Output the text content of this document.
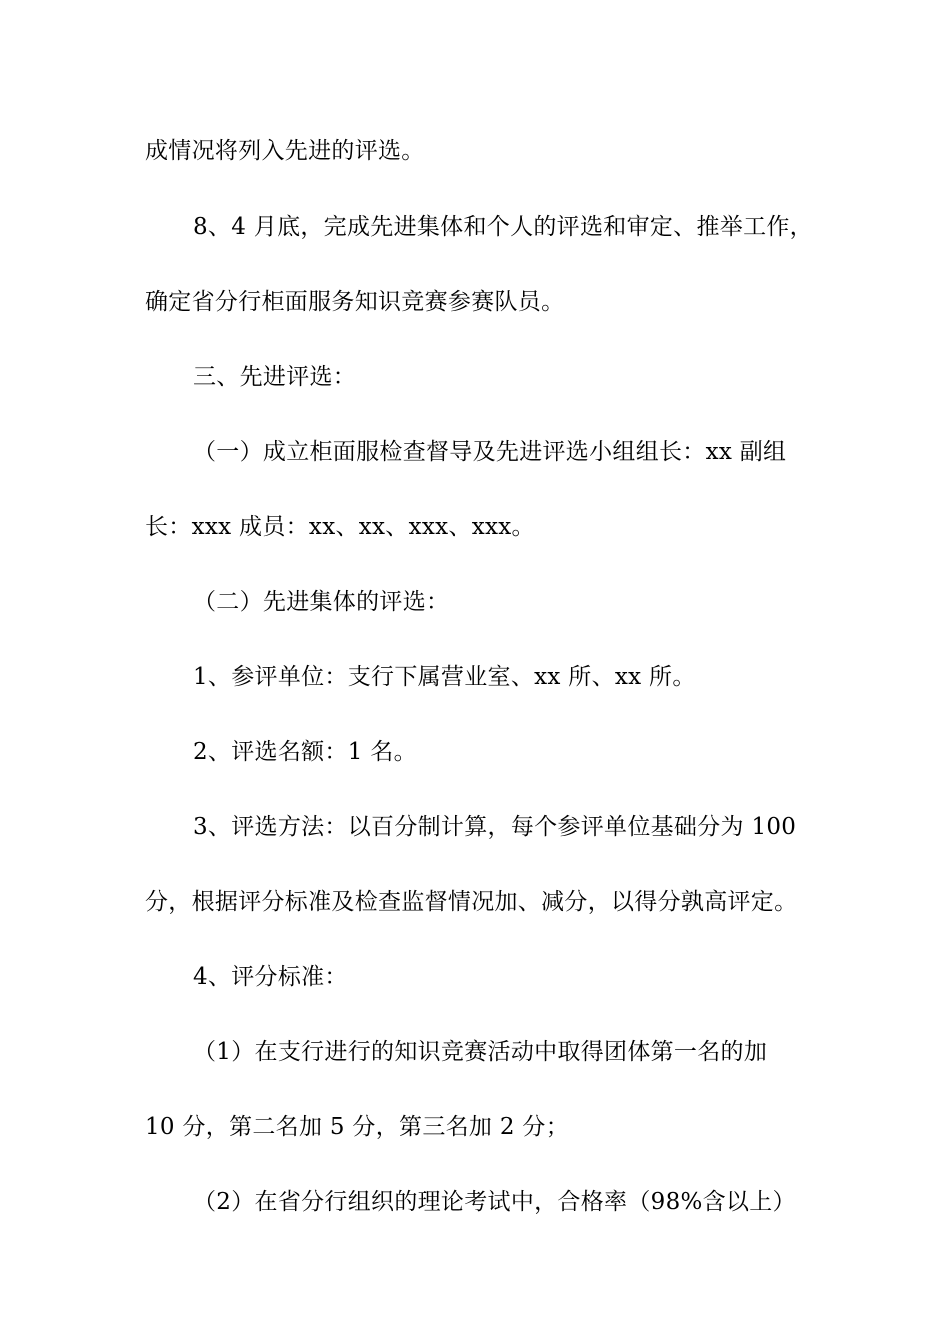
成情况将列入先进的评选。
8、4 月底，完成先进集体和个人的评选和审定、推举工作，
确定省分行柜面服务知识竞赛参赛队员。
三、先进评选：
（一）成立柜面服检查督导及先进评选小组组长：xx 副组
长：xxx 成员：xx、xx、xxx、xxx。
（二）先进集体的评选：
1、参评单位：支行下属营业室、xx 所、xx 所。
2、评选名额：1 名。
3、评选方法：以百分制计算，每个参评单位基础分为 100
分，根据评分标准及检查监督情况加、减分，以得分孰高评定。
4、评分标准：
（1）在支行进行的知识竞赛活动中取得团体第一名的加
10 分，第二名加 5 分，第三名加 2 分；
（2）在省分行组织的理论考试中，合格率（98%含以上）
